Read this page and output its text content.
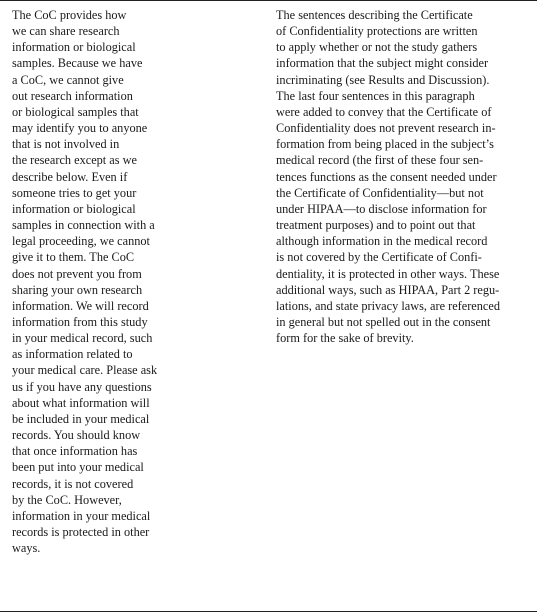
The CoC provides how
we can share research
information or biological
samples. Because we have
a CoC, we cannot give
out research information
or biological samples that
may identify you to anyone
that is not involved in
the research except as we
describe below. Even if
someone tries to get your
information or biological
samples in connection with a
legal proceeding, we cannot
give it to them. The CoC
does not prevent you from
sharing your own research
information. We will record
information from this study
in your medical record, such
as information related to
your medical care. Please ask
us if you have any questions
about what information will
be included in your medical
records. You should know
that once information has
been put into your medical
records, it is not covered
by the CoC. However,
information in your medical
records is protected in other
ways.
The sentences describing the Certificate
of Confidentiality protections are written
to apply whether or not the study gathers
information that the subject might consider
incriminating (see Results and Discussion).
The last four sentences in this paragraph
were added to convey that the Certificate of
Confidentiality does not prevent research in-
formation from being placed in the subject’s
medical record (the first of these four sen-
tences functions as the consent needed under
the Certificate of Confidentiality—but not
under HIPAA—to disclose information for
treatment purposes) and to point out that
although information in the medical record
is not covered by the Certificate of Confi-
dentiality, it is protected in other ways. These
additional ways, such as HIPAA, Part 2 regu-
lations, and state privacy laws, are referenced
in general but not spelled out in the consent
form for the sake of brevity.
